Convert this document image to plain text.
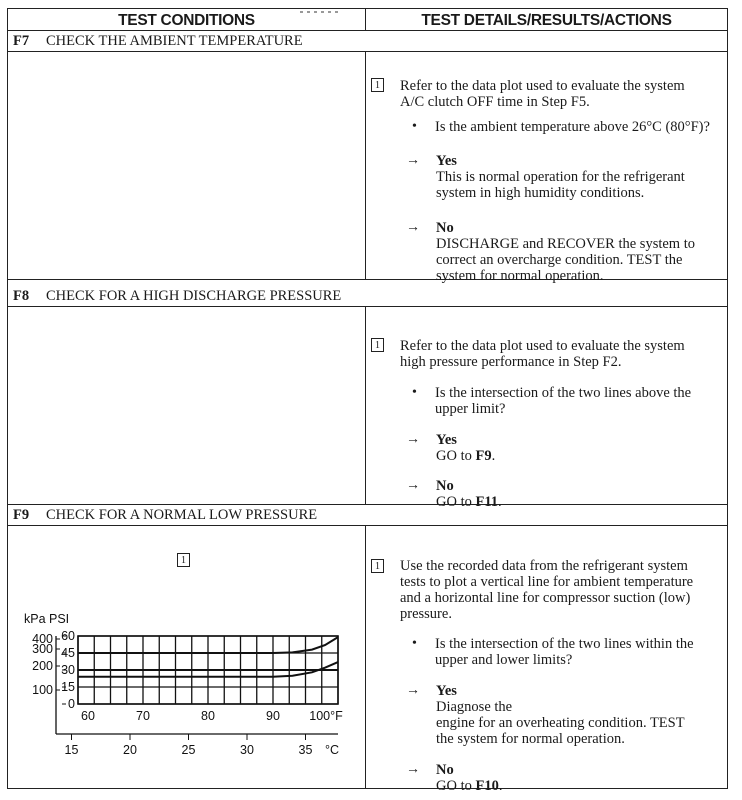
TEST CONDITIONS	TEST DETAILS/RESULTS/ACTIONS
F7 CHECK THE AMBIENT TEMPERATURE
1 Refer to the data plot used to evaluate the system
A/C clutch OFF time in Step F5.
• Is the ambient temperature above 26°C (80°F)?
→ Yes
This is normal operation for the refrigerant
system in high humidity conditions.
→ No
DISCHARGE and RECOVER the system to
correct an overcharge condition. TEST the
system for normal operation.
F8 CHECK FOR A HIGH DISCHARGE PRESSURE
1 Refer to the data plot used to evaluate the system
high pressure performance in Step F2.
• Is the intersection of the two lines above the
upper limit?
→ Yes
GO to F9.
→ No
GO to F11.
F9 CHECK FOR A NORMAL LOW PRESSURE
1
kPa PSI
0
15
30
45
60
400
300
200
100
60	70	80	90 100°F
15	20	25	30	35 °C
1 Use the recorded data from the refrigerant system
tests to plot a vertical line for ambient temperature
and a horizontal line for compressor suction (low)
pressure.
• Is the intersection of the two lines within the
upper and lower limits?
→ Yes
Diagnose the
engine for an overheating condition. TEST
the system for normal operation.
→ No
GO to F10.
